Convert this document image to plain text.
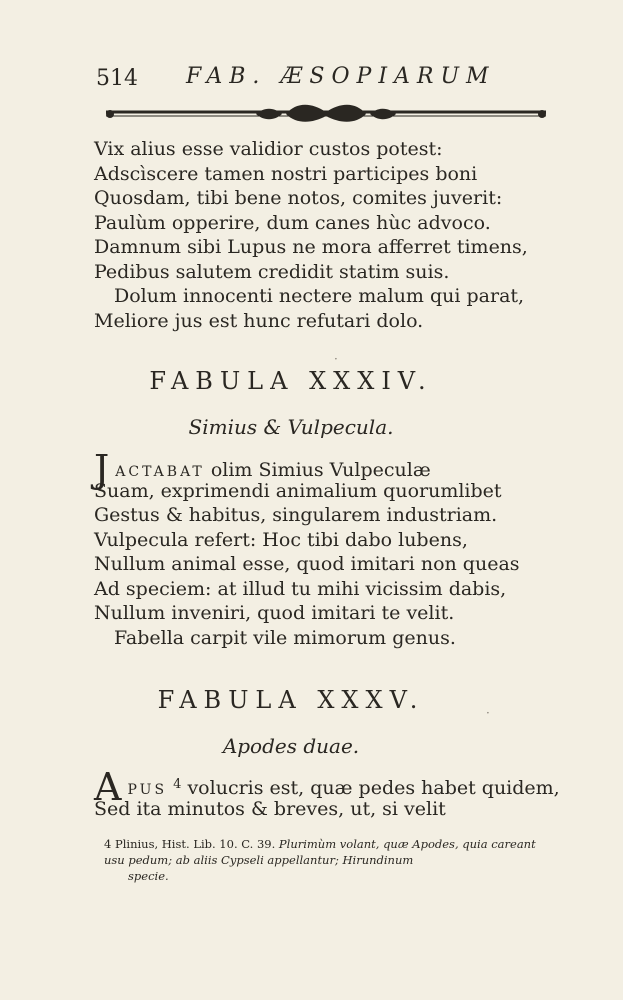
514 FAB. ÆSOPIARUM
Vix alius esse validior custos potest:
Adscìscere tamen nostri participes boni
Quosdam, tibi bene notos, comites juverit:
Paulùm opperire, dum canes hùc advoco.
Damnum sibi Lupus ne mora afferret timens,
Pedibus salutem credidit statim suis.
Dolum innocenti nectere malum qui parat,
Meliore jus est hunc refutari dolo.
·
FABULA XXXIV.
Simius & Vulpecula.
J ACTABAT olim Simius Vulpeculæ
Suam, exprimendi animalium quorumlibet
Gestus & habitus, singularem industriam.
Vulpecula refert: Hoc tibi dabo lubens,
Nullum animal esse, quod imitari non queas
Ad speciem: at illud tu mihi vicissim dabis,
Nullum inveniri, quod imitari te velit.
Fabella carpit vile mimorum genus.
FABULA XXXV.	·
Apodes duae.
A PUS $^4$ volucris est, quæ pedes habet quidem,
Sed ita minutos & breves, ut, si velit
4 Plinius, Hist. Lib. 10. C. 39. Plurimùm volant, quæ Apodes, quia careant usu pedum; ab aliis Cypseli appellantur; Hirundinum
specie.
